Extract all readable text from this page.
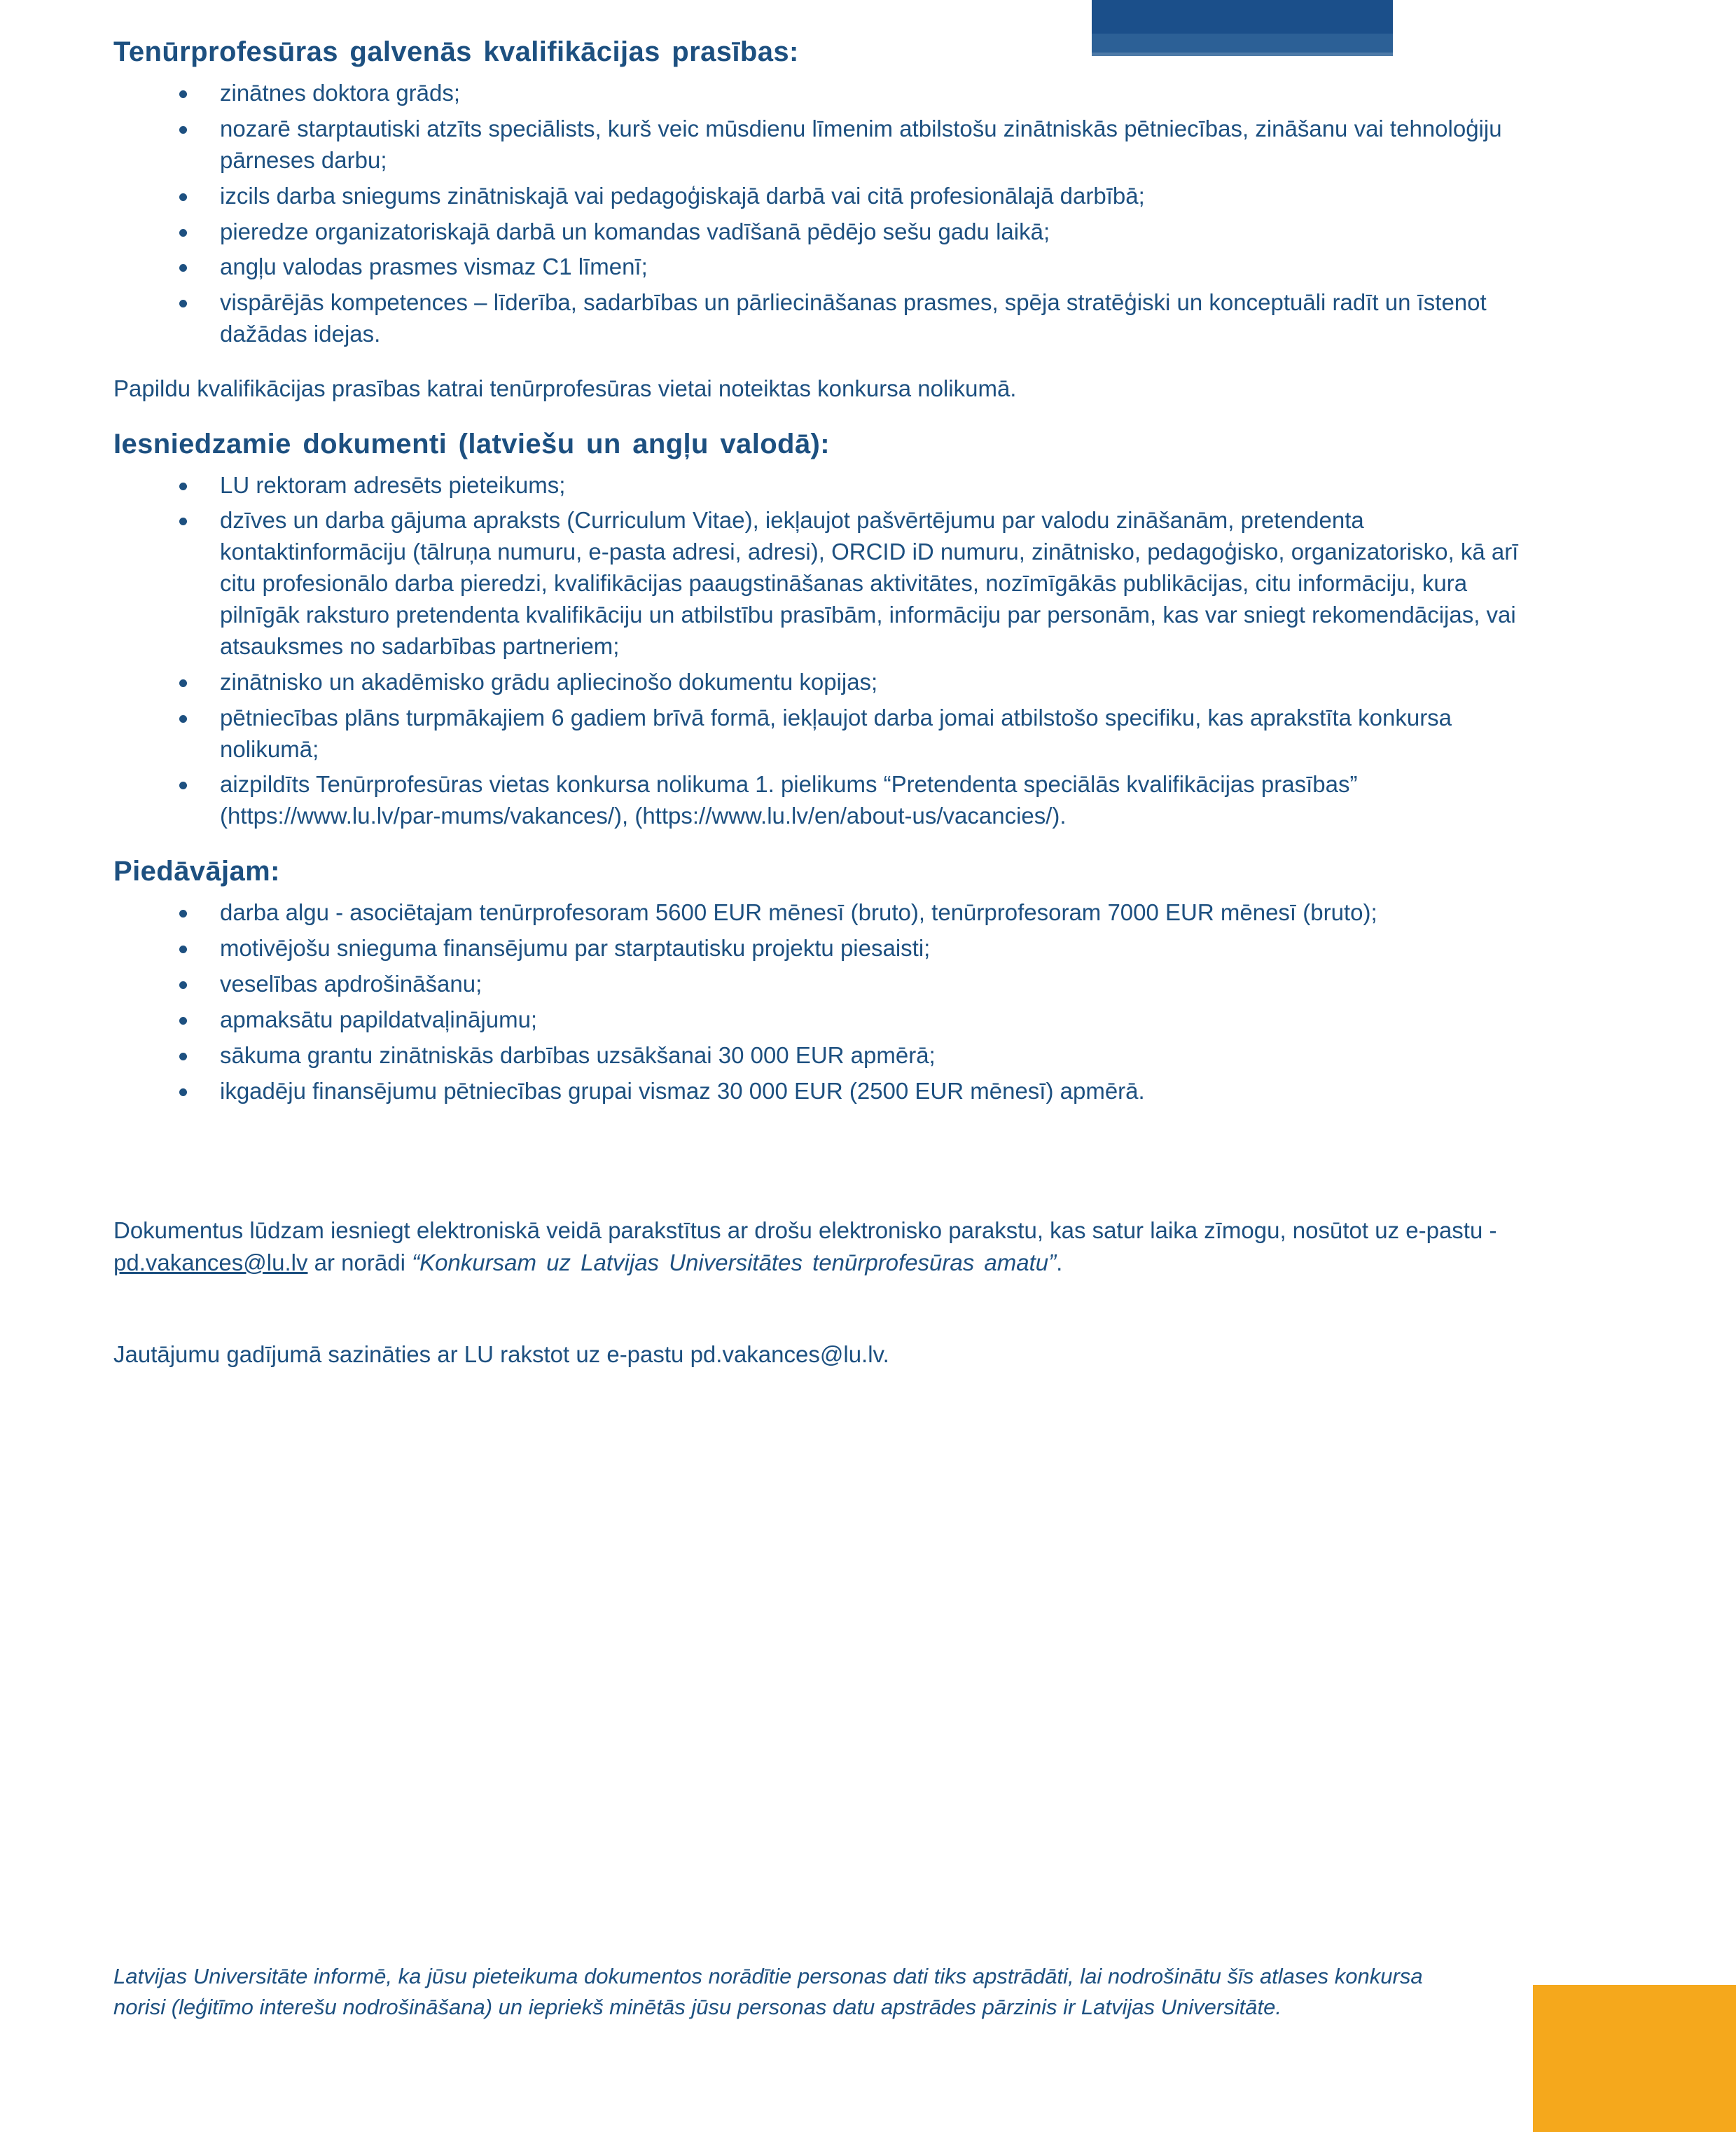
Tenūrprofesūras galvenās kvalifikācijas prasības:
zinātnes doktora grāds;
nozarē starptautiski atzīts speciālists, kurš veic mūsdienu līmenim atbilstošu zinātniskās pētniecības, zināšanu vai tehnoloģiju pārneses darbu;
izcils darba sniegums zinātniskajā vai pedagoģiskajā darbā vai citā profesionālajā darbībā;
pieredze organizatoriskajā darbā un komandas vadīšanā pēdējo sešu gadu laikā;
angļu valodas prasmes vismaz C1 līmenī;
vispārējās kompetences – līderība, sadarbības un pārliecināšanas prasmes, spēja stratēģiski un konceptuāli radīt un īstenot dažādas idejas.

Papildu kvalifikācijas prasības katrai tenūrprofesūras vietai noteiktas konkursa nolikumā.

Iesniedzamie dokumenti (latviešu un angļu valodā):
LU rektoram adresēts pieteikums;
dzīves un darba gājuma apraksts (Curriculum Vitae), iekļaujot pašvērtējumu par valodu zināšanām, pretendenta kontaktinformāciju (tālruņa numuru, e-pasta adresi, adresi), ORCID iD numuru, zinātnisko, pedagoģisko, organizatorisko, kā arī citu profesionālo darba pieredzi, kvalifikācijas paaugstināšanas aktivitātes, nozīmīgākās publikācijas, citu informāciju, kura pilnīgāk raksturo pretendenta kvalifikāciju un atbilstību prasībām, informāciju par personām, kas var sniegt rekomendācijas, vai atsauksmes no sadarbības partneriem;
zinātnisko un akadēmisko grādu apliecinošo dokumentu kopijas;
pētniecības plāns turpmākajiem 6 gadiem brīvā formā, iekļaujot darba jomai atbilstošo specifiku, kas aprakstīta konkursa nolikumā;
aizpildīts Tenūrprofesūras vietas konkursa nolikuma 1. pielikums “Pretendenta speciālās kvalifikācijas prasības” (https://www.lu.lv/par-mums/vakances/), (https://www.lu.lv/en/about-us/vacancies/).
Piedāvājam:
darba algu - asociētajam tenūrprofesoram 5600 EUR mēnesī (bruto), tenūrprofesoram 7000 EUR mēnesī (bruto);
motivējošu snieguma finansējumu par starptautisku projektu piesaisti;
veselības apdrošināšanu;
apmaksātu papildatvaļinājumu;
sākuma grantu zinātniskās darbības uzsākšanai 30 000 EUR apmērā;
ikgadēju finansējumu pētniecības grupai vismaz 30 000 EUR (2500 EUR mēnesī) apmērā.

Dokumentus lūdzam iesniegt elektroniskā veidā parakstītus ar drošu elektronisko parakstu, kas satur laika zīmogu, nosūtot uz e-pastu - pd.vakances@lu.lv ar norādi “Konkursam uz Latvijas Universitātes tenūrprofesūras amatu”.

Jautājumu gadījumā sazināties ar LU rakstot uz e-pastu pd.vakances@lu.lv.

Latvijas Universitāte informē, ka jūsu pieteikuma dokumentos norādītie personas dati tiks apstrādāti, lai nodrošinātu šīs atlases konkursa norisi (leģitīmo interešu nodrošināšana) un iepriekš minētās jūsu personas datu apstrādes pārzinis ir Latvijas Universitāte.
